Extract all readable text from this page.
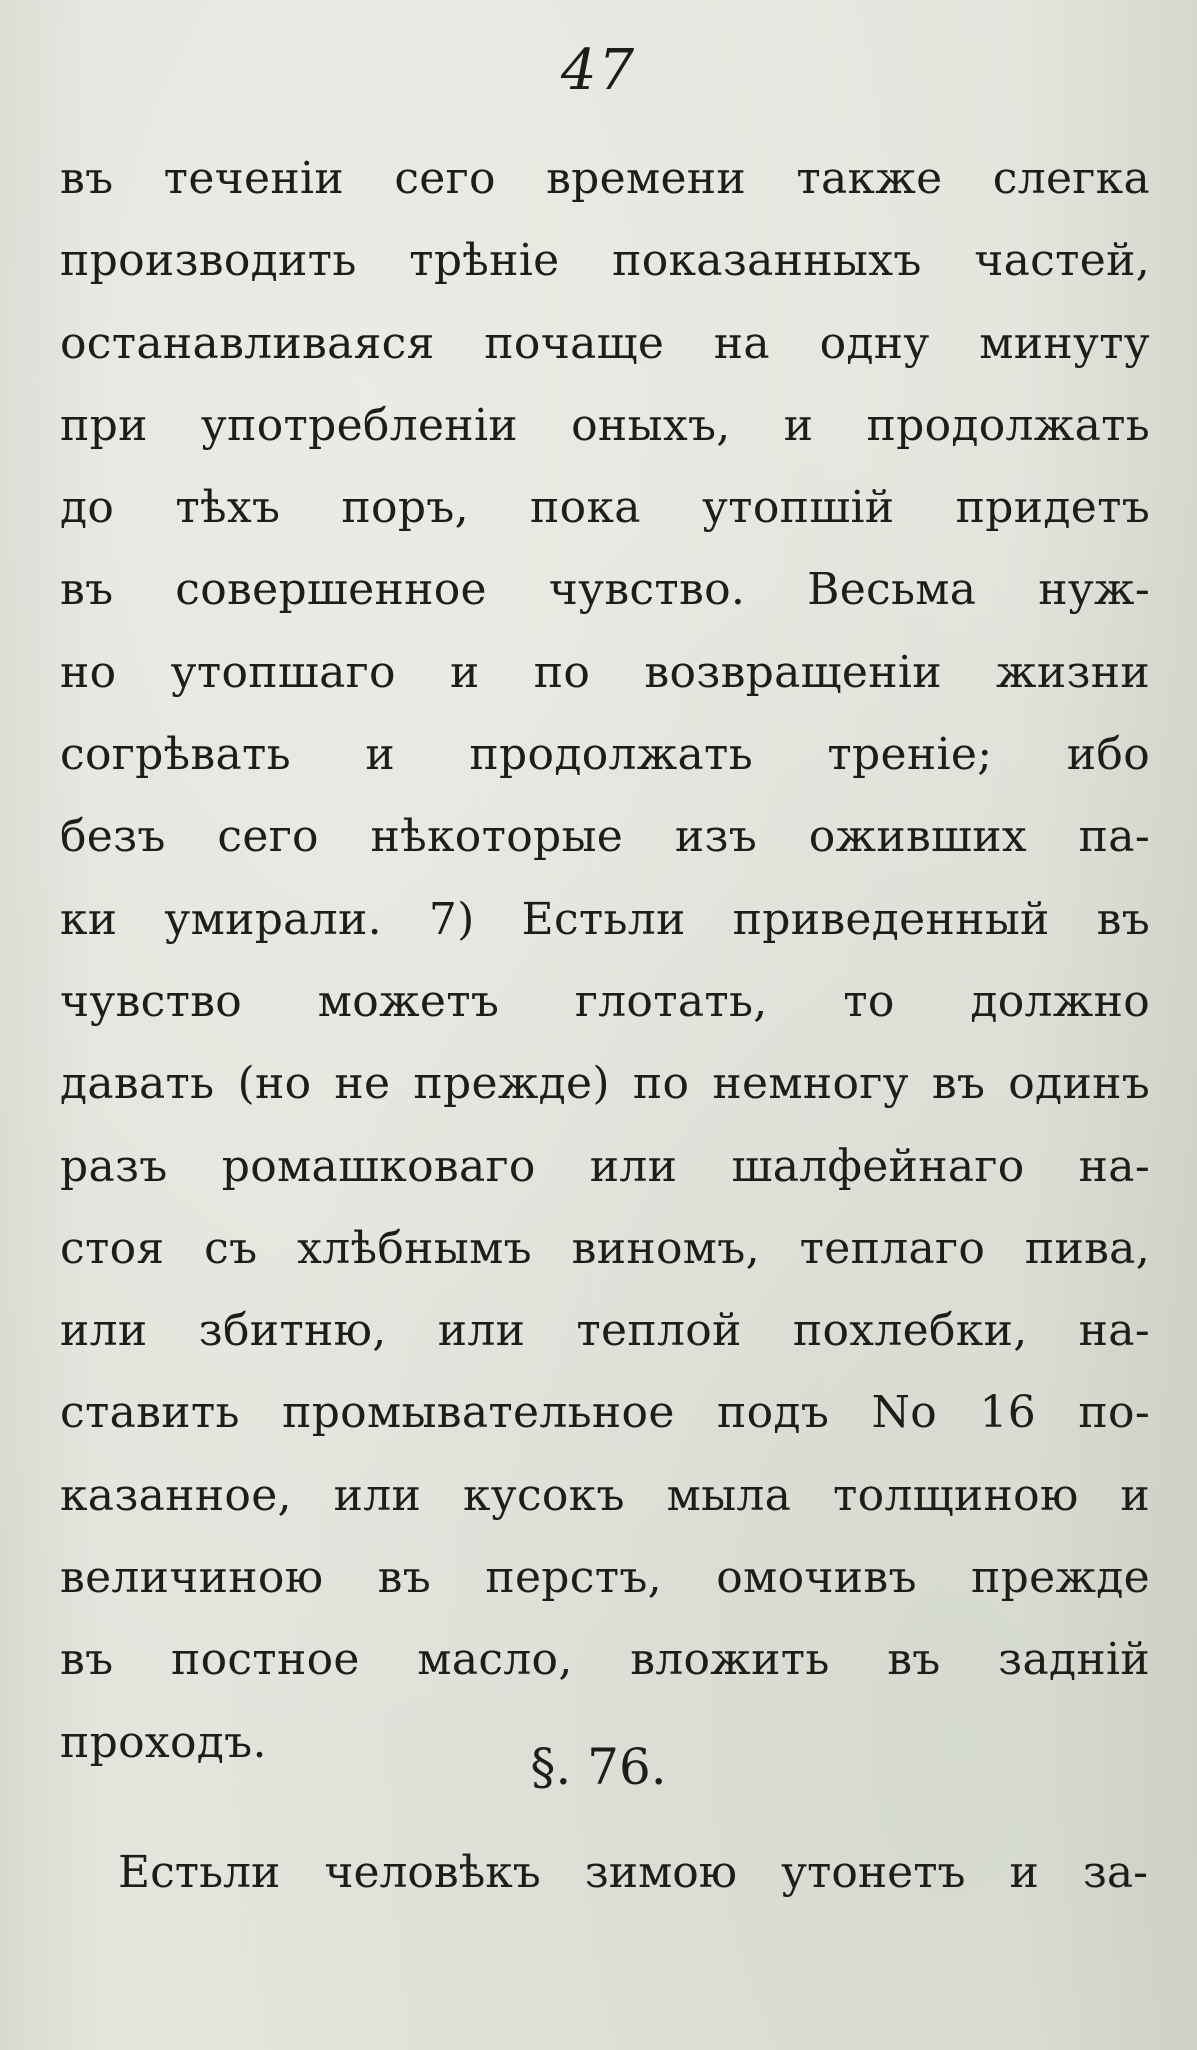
47
въ теченіи сего времени также слегка
производить трѣніе показанныхъ частей,
останавливаяся почаще на одну минуту
при употребленіи оныхъ, и продолжать
до тѣхъ поръ, пока утопшій придетъ
въ совершенное чувство. Весьма нуж-
но утопшаго и по возвращеніи жизни
согрѣвать и продолжать треніе; ибо
безъ сего нѣкоторые изъ оживших па-
ки умирали. 7) Естьли приведенный въ
чувство можетъ глотать, то должно
давать (но не прежде) по немногу въ одинъ
разъ ромашковаго или шалфейнаго на-
стоя съ хлѣбнымъ виномъ, теплаго пива,
или збитню, или теплой похлебки, на-
ставить промывательное подъ No 16 по-
казанное, или кусокъ мыла толщиною и
величиною въ перстъ, омочивъ прежде
въ постное масло, вложить въ задній
проходъ.	§. 76.
Естьли человѣкъ зимою утонетъ и за-
